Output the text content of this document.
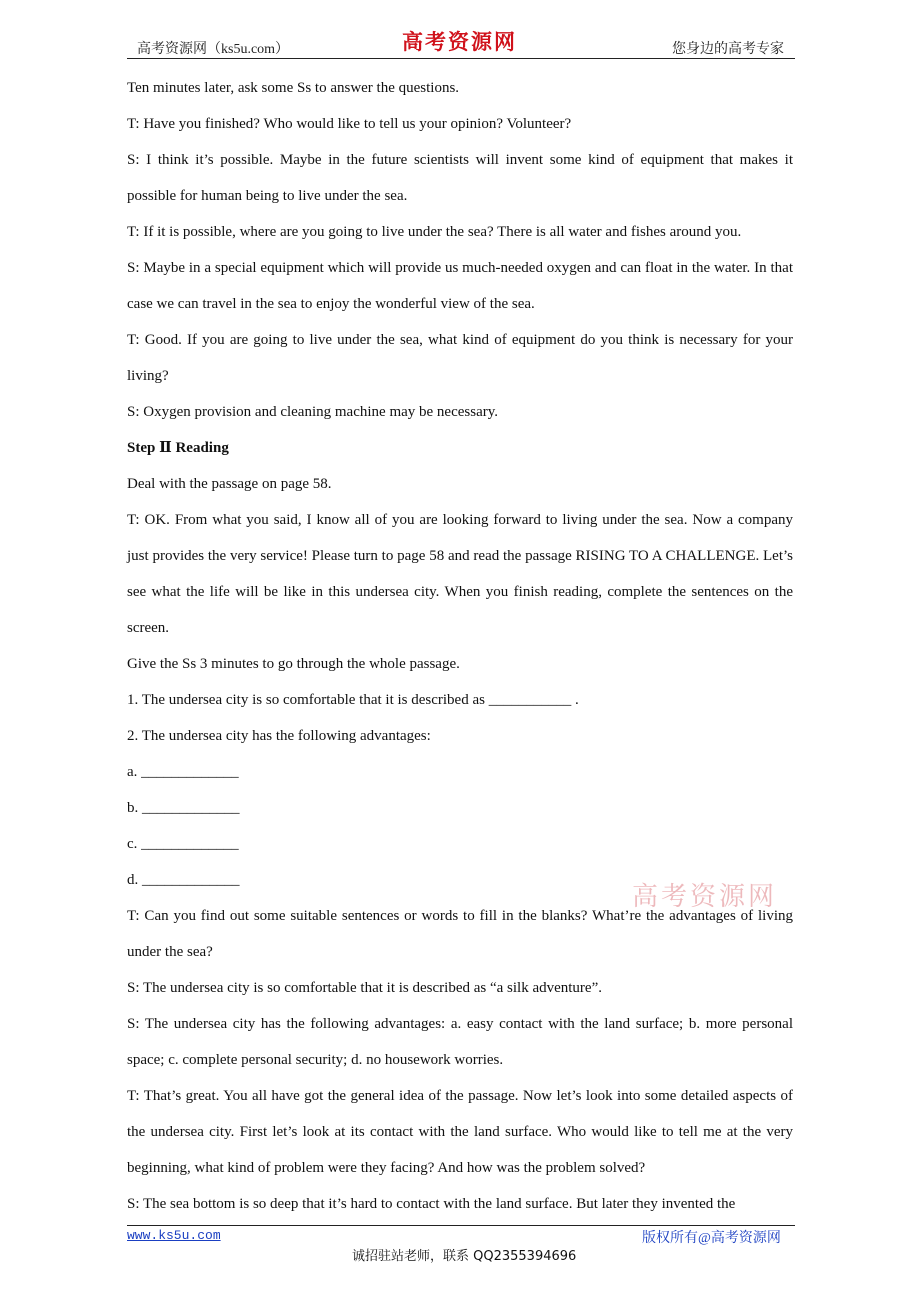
高考资源网（ks5u.com）	高考资源网	您身边的高考专家

Ten minutes later, ask some Ss to answer the questions.

T: Have you finished? Who would like to tell us your opinion? Volunteer?

S: I think it’s possible. Maybe in the future scientists will invent some kind of equipment that makes it possible for human being to live under the sea.

T: If it is possible, where are you going to live under the sea? There is all water and fishes around you.

S: Maybe in a special equipment which will provide us much-needed oxygen and can float in the water. In that case we can travel in the sea to enjoy the wonderful view of the sea.

T: Good. If you are going to live under the sea, what kind of equipment do you think is necessary for your living?

S: Oxygen provision and cleaning machine may be necessary.

Step Ⅱ Reading

Deal with the passage on page 58.

T: OK. From what you said, I know all of you are looking forward to living under the sea. Now a company just provides the very service! Please turn to page 58 and read the passage RISING TO A CHALLENGE. Let’s see what the life will be like in this undersea city. When you finish reading, complete the sentences on the screen.

Give the Ss 3 minutes to go through the whole passage.

1. The undersea city is so comfortable that it is described as ___________ .

2. The undersea city has the following advantages:

a. _____________

b. _____________

c. _____________

d. _____________

T: Can you find out some suitable sentences or words to fill in the blanks? What’re the advantages of living under the sea?

S: The undersea city is so comfortable that it is described as “a silk adventure”.

S: The undersea city has the following advantages: a. easy contact with the land surface; b. more personal space; c. complete personal security; d. no housework worries.

T: That’s great. You all have got the general idea of the passage. Now let’s look into some detailed aspects of the undersea city. First let’s look at its contact with the land surface. Who would like to tell me at the very beginning, what kind of problem were they facing? And how was the problem solved?

S: The sea bottom is so deep that it’s hard to contact with the land surface. But later they invented the

高考资源网
www.ks5u.com	版权所有@高考资源网
诚招驻站老师，联系 QQ2355394696
